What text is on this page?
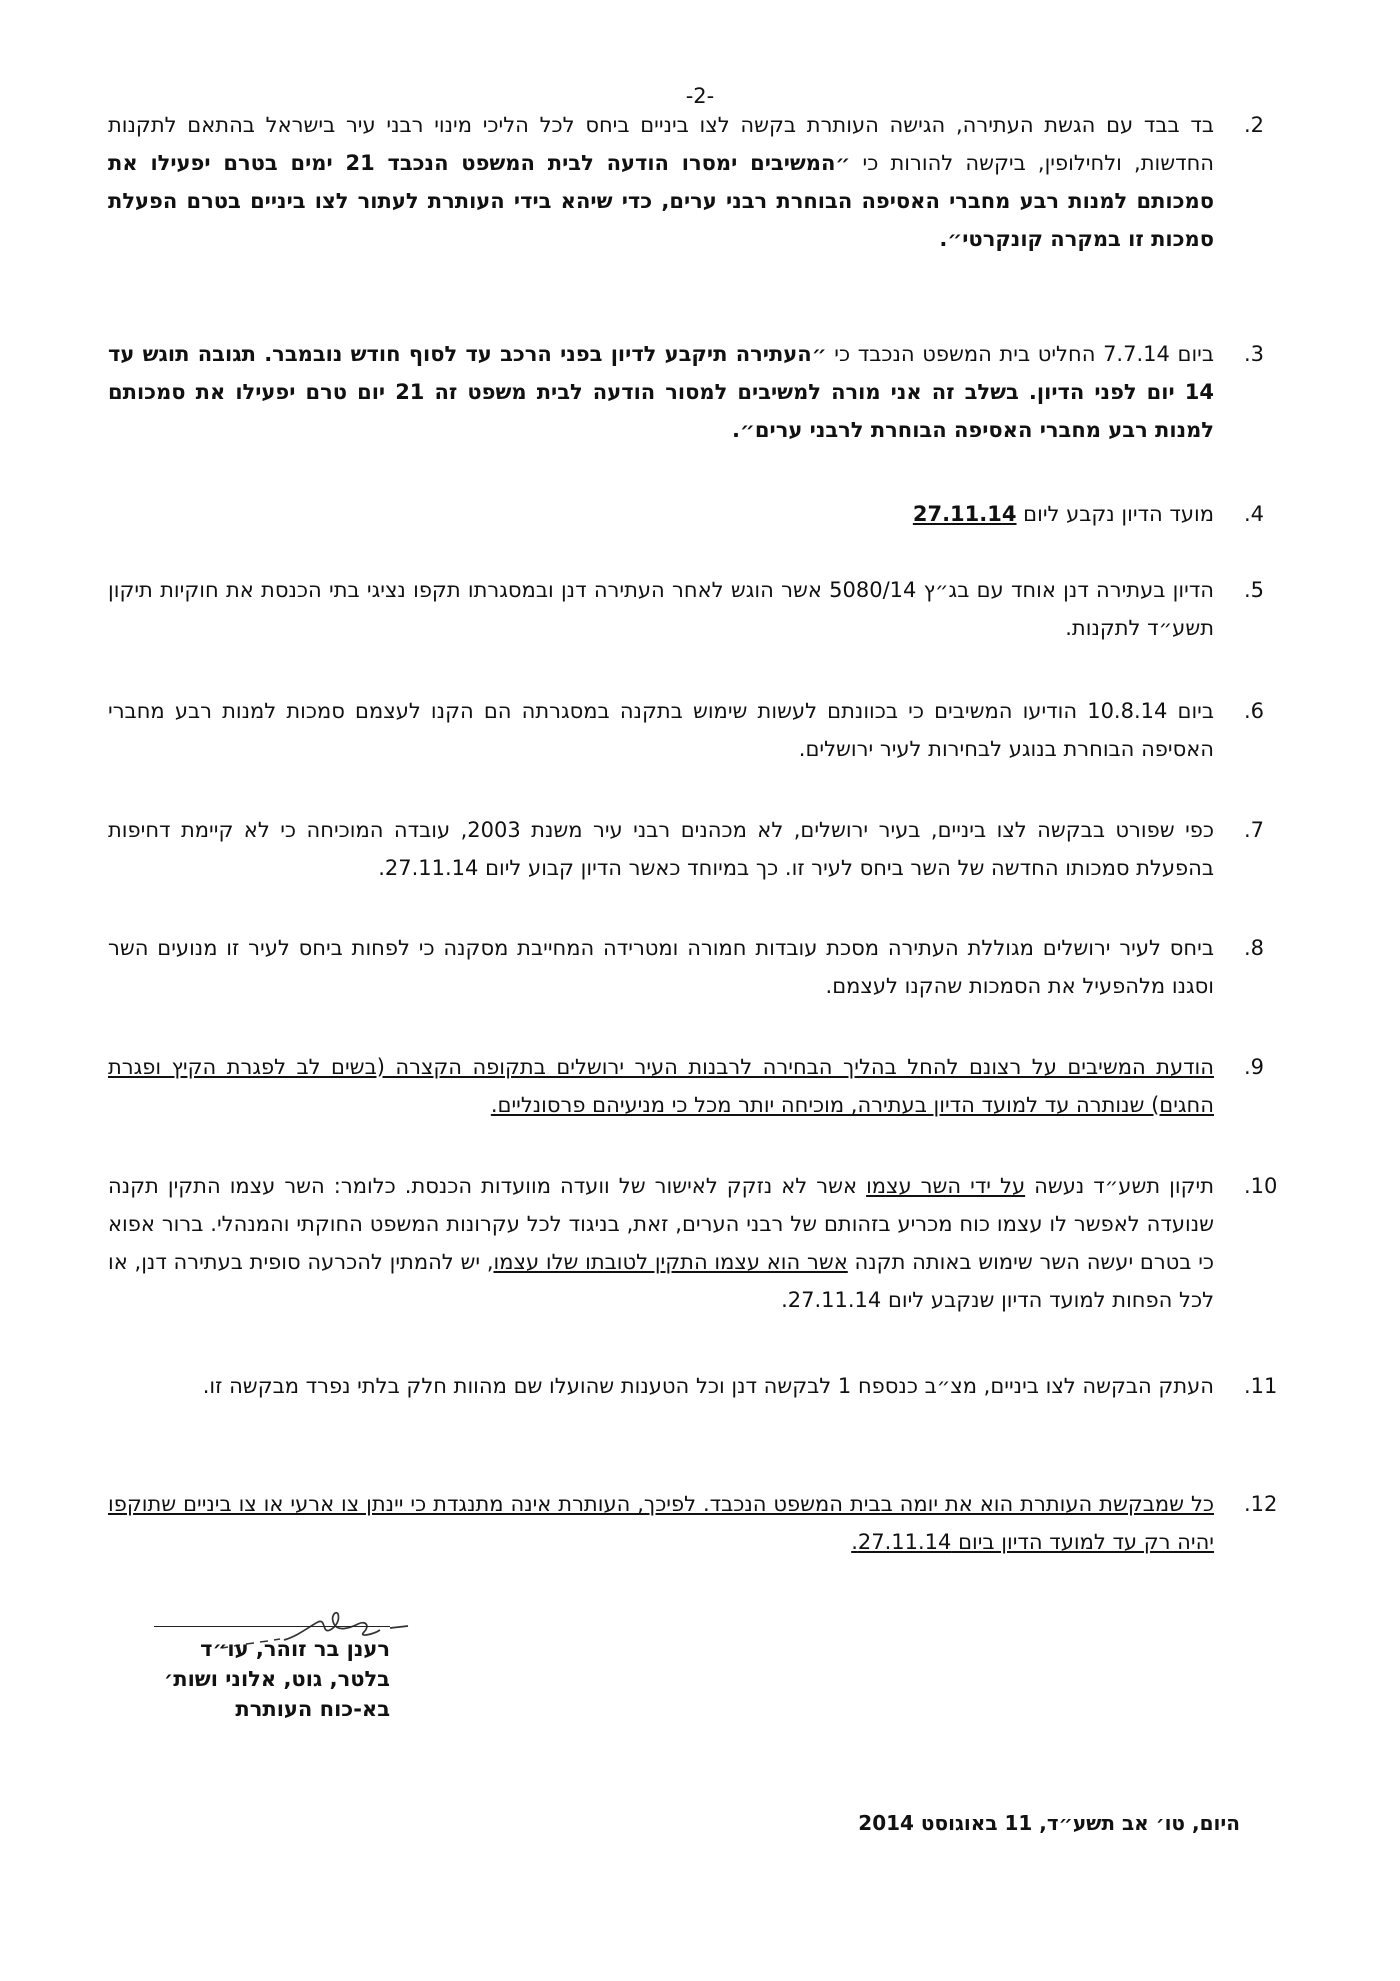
-2-
.2
בד בבד עם הגשת העתירה, הגישה העותרת בקשה לצו ביניים ביחס לכל הליכי מינוי רבני עיר בישראל בהתאם לתקנות החדשות, ולחילופין, ביקשה להורות כי ״המשיבים ימסרו הודעה לבית המשפט הנכבד 21 ימים בטרם יפעילו את סמכותם למנות רבע מחברי האסיפה הבוחרת רבני ערים, כדי שיהא בידי העותרת לעתור לצו ביניים בטרם הפעלת סמכות זו במקרה קונקרטי״.
.3
ביום 7.7.14 החליט בית המשפט הנכבד כי ״העתירה תיקבע לדיון בפני הרכב עד לסוף חודש נובמבר. תגובה תוגש עד 14 יום לפני הדיון. בשלב זה אני מורה למשיבים למסור הודעה לבית משפט זה 21 יום טרם יפעילו את סמכותם למנות רבע מחברי האסיפה הבוחרת לרבני ערים״.
.4
מועד הדיון נקבע ליום 27.11.14
.5
הדיון בעתירה דנן אוחד עם בג״ץ 5080/14 אשר הוגש לאחר העתירה דנן ובמסגרתו תקפו נציגי בתי הכנסת את חוקיות תיקון תשע״ד לתקנות.
.6
ביום 10.8.14 הודיעו המשיבים כי בכוונתם לעשות שימוש בתקנה במסגרתה הם הקנו לעצמם סמכות למנות רבע מחברי האסיפה הבוחרת בנוגע לבחירות לעיר ירושלים.
.7
כפי שפורט בבקשה לצו ביניים, בעיר ירושלים, לא מכהנים רבני עיר משנת 2003, עובדה המוכיחה כי לא קיימת דחיפות בהפעלת סמכותו החדשה של השר ביחס לעיר זו. כך במיוחד כאשר הדיון קבוע ליום 27.11.14.
.8
ביחס לעיר ירושלים מגוללת העתירה מסכת עובדות חמורה ומטרידה המחייבת מסקנה כי לפחות ביחס לעיר זו מנועים השר וסגנו מלהפעיל את הסמכות שהקנו לעצמם.
.9
הודעת המשיבים על רצונם להחל בהליך הבחירה לרבנות העיר ירושלים בתקופה הקצרה (בשים לב לפגרת הקיץ ופגרת החגים) שנותרה עד למועד הדיון בעתירה, מוכיחה יותר מכל כי מניעיהם פרסונליים.
.10
תיקון תשע״ד נעשה על ידי השר עצמו אשר לא נזקק לאישור של וועדה מוועדות הכנסת. כלומר: השר עצמו התקין תקנה שנועדה לאפשר לו עצמו כוח מכריע בזהותם של רבני הערים, זאת, בניגוד לכל עקרונות המשפט החוקתי והמנהלי. ברור אפוא כי בטרם יעשה השר שימוש באותה תקנה אשר הוא עצמו התקין לטובתו שלו עצמו, יש להמתין להכרעה סופית בעתירה דנן, או לכל הפחות למועד הדיון שנקבע ליום 27.11.14.
.11
העתק הבקשה לצו ביניים, מצ״ב כנספח 1 לבקשה דנן וכל הטענות שהועלו שם מהוות חלק בלתי נפרד מבקשה זו.
.12
כל שמבקשת העותרת הוא את יומה בבית המשפט הנכבד. לפיכך, העותרת אינה מתנגדת כי יינתן צו ארעי או צו ביניים שתוקפו יהיה רק עד למועד הדיון ביום 27.11.14.
רענן בר זוהר, עו״ד
בלטר, גוט, אלוני ושות׳
בא-כוח העותרת
היום, טו׳ אב תשע״ד, 11 באוגוסט 2014
